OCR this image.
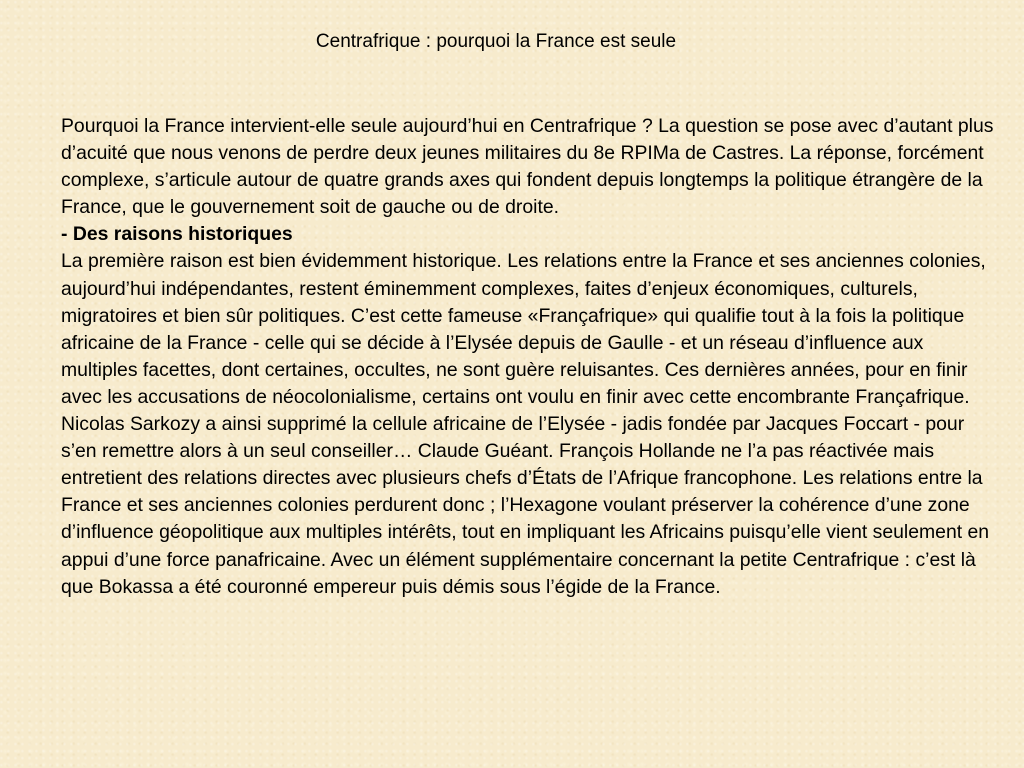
Centrafrique : pourquoi la France est seule

Pourquoi la France intervient-elle seule aujourd’hui en Centrafrique ? La question se pose avec d’autant plus d’acuité que nous venons de perdre deux jeunes militaires du 8e RPIMa de Castres. La réponse, forcément complexe, s’articule autour de quatre grands axes qui fondent depuis longtemps la politique étrangère de la France, que le gouvernement soit de gauche ou de droite.

- Des raisons historiques

La première raison est bien évidemment historique. Les relations entre la France et ses anciennes colonies, aujourd’hui indépendantes, restent éminemment complexes, faites d’enjeux économiques, culturels, migratoires et bien sûr politiques. C’est cette fameuse «Françafrique» qui qualifie tout à la fois la politique africaine de la France - celle qui se décide à l’Elysée depuis de Gaulle - et un réseau d’influence aux multiples facettes, dont certaines, occultes, ne sont guère reluisantes. Ces dernières années, pour en finir avec les accusations de néocolonialisme, certains ont voulu en finir avec cette encombrante Françafrique. Nicolas Sarkozy a ainsi supprimé la cellule africaine de l’Elysée - jadis fondée par Jacques Foccart - pour s’en remettre alors à un seul conseiller… Claude Guéant. François Hollande ne l’a pas réactivée mais entretient des relations directes avec plusieurs chefs d’États de l’Afrique francophone. Les relations entre la France et ses anciennes colonies perdurent donc ; l’Hexagone voulant préserver la cohérence d’une zone d’influence géopolitique aux multiples intérêts, tout en impliquant les Africains puisqu’elle vient seulement en appui d’une force panafricaine. Avec un élément supplémentaire concernant la petite Centrafrique : c’est là que Bokassa a été couronné empereur puis démis sous l’égide de la France.
